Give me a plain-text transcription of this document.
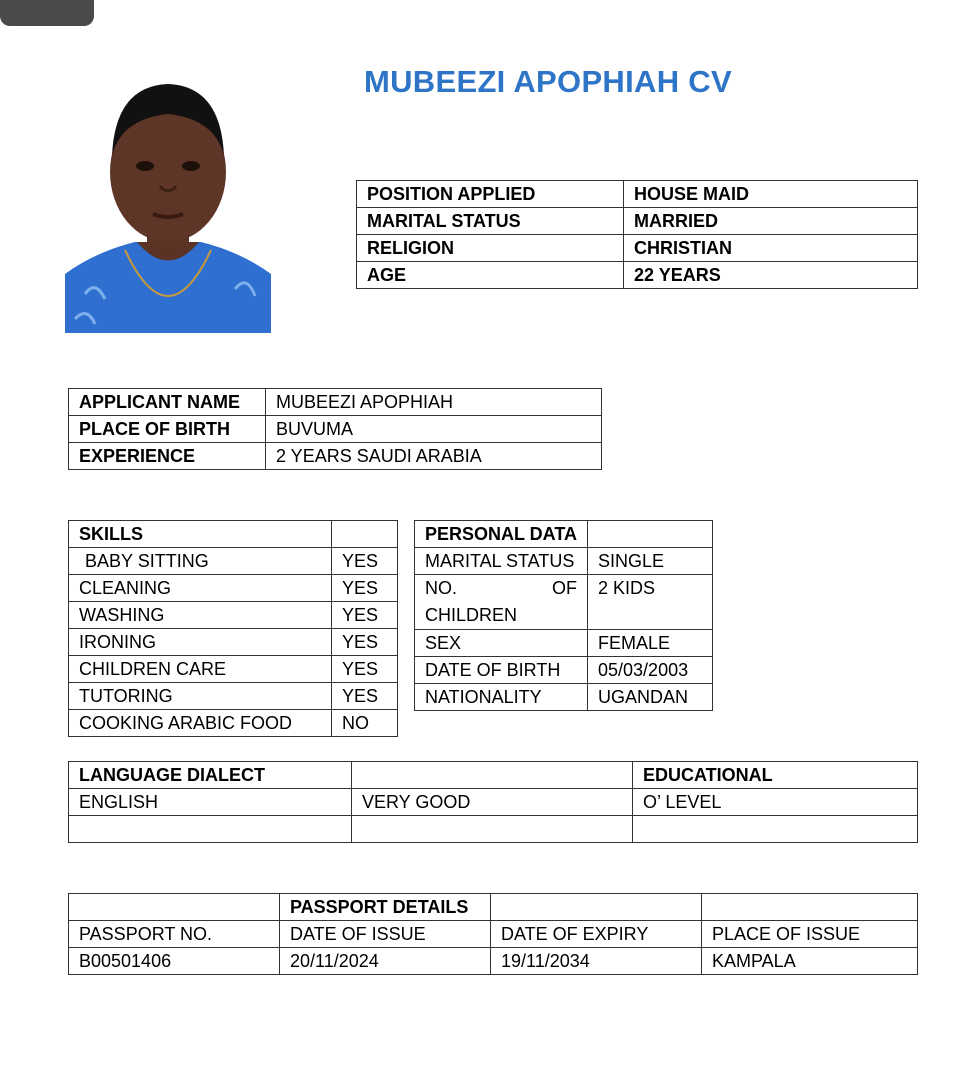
MUBEEZI APOPHIAH CV
POSITION APPLIED	HOUSE MAID
MARITAL STATUS	MARRIED
RELIGION	CHRISTIAN
AGE	22 YEARS
APPLICANT NAME	MUBEEZI APOPHIAH
PLACE OF BIRTH	BUVUMA
EXPERIENCE	2 YEARS SAUDI ARABIA
SKILLS	
BABY SITTING	YES
CLEANING	YES
WASHING	YES
IRONING	YES
CHILDREN CARE	YES
TUTORING	YES
COOKING ARABIC FOOD	NO
PERSONAL DATA	
MARITAL STATUS	SINGLE

NO. OF
CHILDREN	2 KIDS
SEX	FEMALE
DATE OF BIRTH	05/03/2003
NATIONALITY	UGANDAN
LANGUAGE DIALECT		EDUCATIONAL
ENGLISH	VERY GOOD	O’ LEVEL

	PASSPORT DETAILS		
PASSPORT NO.	DATE OF ISSUE	DATE OF EXPIRY	PLACE OF ISSUE
B00501406	20/11/2024	19/11/2034	KAMPALA
